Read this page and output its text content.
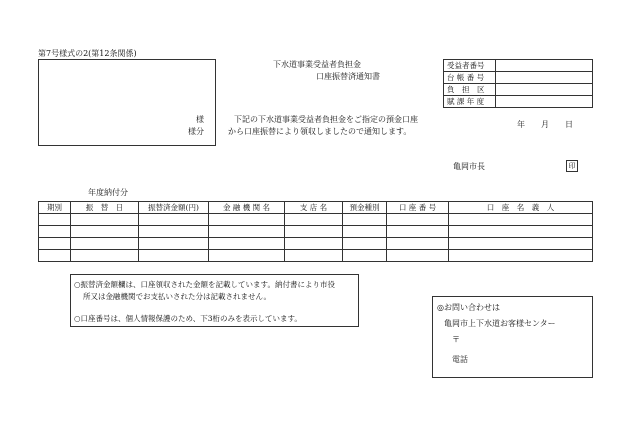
第7号様式の2(第12条関係)
様
様分
下水道事業受益者負担金
口座振替済通知書
受益者番号	
台 帳 番 号	
負　担　区	
賦 課 年 度	
下記の下水道事業受益者負担金をご指定の預金口座
から口座振替により領収しましたので通知します。
年 月 日
亀岡市長	印
年度納付分
期別	振　替　日	振替済金額(円)	金 融 機 関 名	支 店 名	預金種別	口 座 番 号	口　座　名　義　人

○振替済金額欄は、口座領収された金額を記載しています。納付書により市役
所又は金融機関でお支払いされた分は記載されません。
○口座番号は、個人情報保護のため、下3桁のみを表示しています。
◎お問い合わせは
亀岡市上下水道お客様センター
〒
電話
